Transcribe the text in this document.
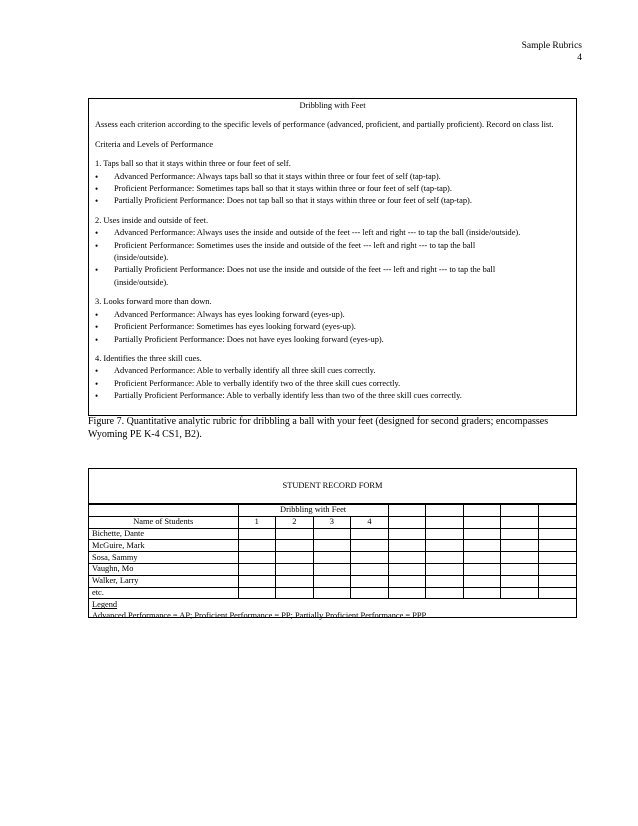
Sample Rubrics
4
Dribbling with Feet

Assess each criterion according to the specific levels of performance (advanced, proficient, and partially proficient). Record on class list.

Criteria and Levels of Performance

1. Taps ball so that it stays within three or four feet of self.

• Advanced Performance: Always taps ball so that it stays within three or four feet of self (tap-tap).
• Proficient Performance: Sometimes taps ball so that it stays within three or four feet of self (tap-tap).
• Partially Proficient Performance: Does not tap ball so that it stays within three or four feet of self (tap-tap).

2. Uses inside and outside of feet.

• Advanced Performance: Always uses the inside and outside of the feet --- left and right --- to tap the ball (inside/outside).
• Proficient Performance: Sometimes uses the inside and outside of the feet --- left and right --- to tap the ball (inside/outside).
• Partially Proficient Performance: Does not use the inside and outside of the feet --- left and right --- to tap the ball (inside/outside).

3. Looks forward more than down.

• Advanced Performance: Always has eyes looking forward (eyes-up).
• Proficient Performance: Sometimes has eyes looking forward (eyes-up).
• Partially Proficient Performance: Does not have eyes looking forward (eyes-up).

4. Identifies the three skill cues.

• Advanced Performance: Able to verbally identify all three skill cues correctly.
• Proficient Performance: Able to verbally identify two of the three skill cues correctly.
• Partially Proficient Performance: Able to verbally identify less than two of the three skill cues correctly.
Figure 7. Quantitative analytic rubric for dribbling a ball with your feet (designed for second graders; encompasses Wyoming PE K-4 CS1, B2).
STUDENT RECORD FORM
	Dribbling with Feet								
Name of Students	1	2	3	4					
Bichette, Dante									
McGuire, Mark									
Sosa, Sammy									
Vaughn, Mo									
Walker, Larry									
etc.									
Legend
Advanced Performance = AP; Proficient Performance = PP; Partially Proficient Performance = PPP
